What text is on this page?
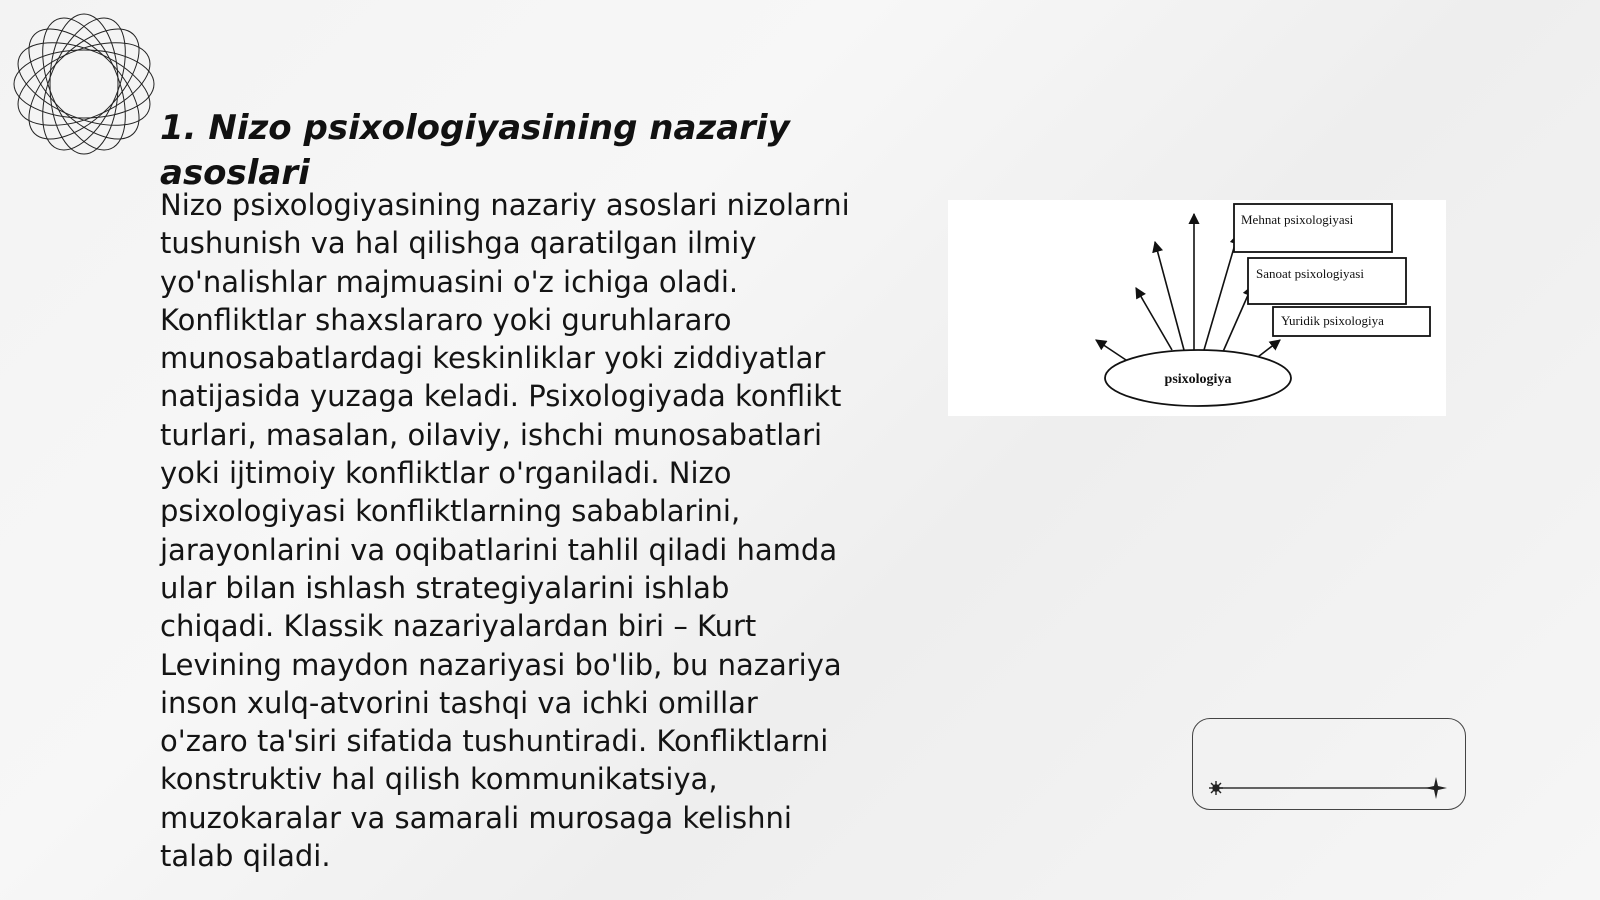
1. Nizo psixologiyasining nazariy asoslari

Nizo psixologiyasining nazariy asoslari nizolarni tushunish va hal qilishga qaratilgan ilmiy yo'nalishlar majmuasini o'z ichiga oladi. Konfliktlar shaxslararo yoki guruhlararo munosabatlardagi keskinliklar yoki ziddiyatlar natijasida yuzaga keladi. Psixologiyada konflikt turlari, masalan, oilaviy, ishchi munosabatlari yoki ijtimoiy konfliktlar o'rganiladi. Nizo psixologiyasi konfliktlarning sabablarini, jarayonlarini va oqibatlarini tahlil qiladi hamda ular bilan ishlash strategiyalarini ishlab chiqadi. Klassik nazariyalardan biri – Kurt Levining maydon nazariyasi bo'lib, bu nazariya inson xulq-atvorini tashqi va ichki omillar o'zaro ta'siri sifatida tushuntiradi. Konfliktlarni konstruktiv hal qilish kommunikatsiya, muzokaralar va samarali murosaga kelishni talab qiladi.

psixologiya
Mehnat psixologiyasi
Sanoat psixologiyasi
Yuridik psixologiya
